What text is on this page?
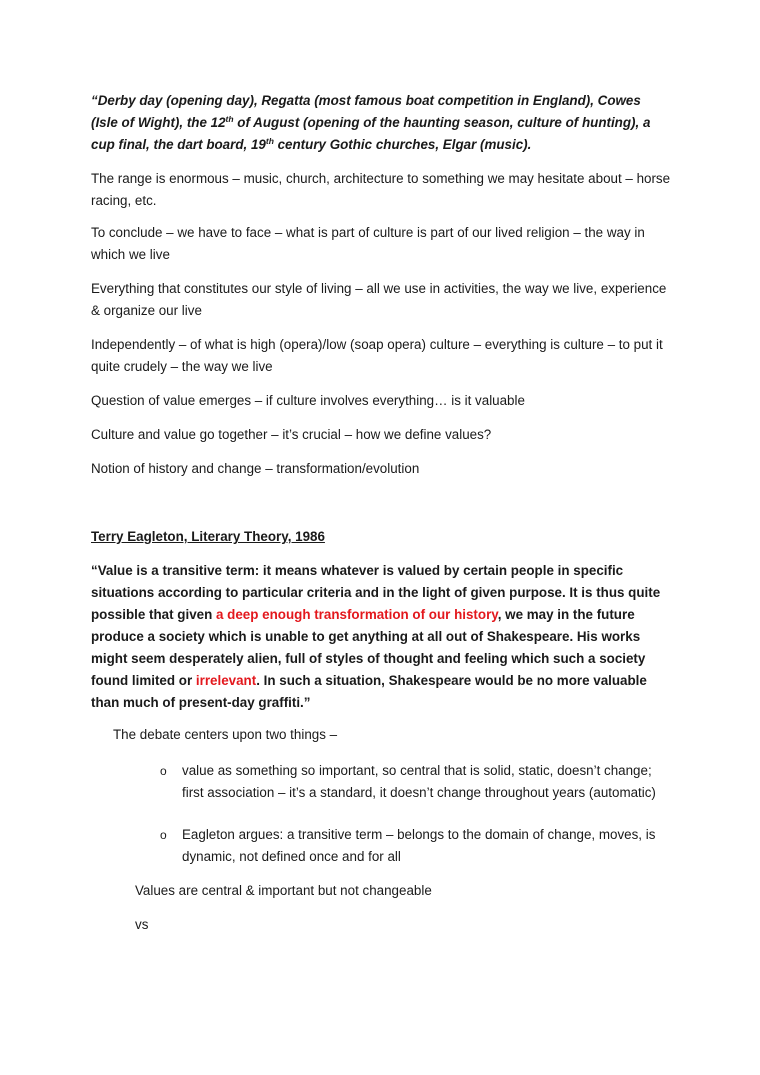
“Derby day (opening day), Regatta (most famous boat competition in England), Cowes (Isle of Wight), the 12th of August (opening of the haunting season, culture of hunting), a cup final, the dart board, 19th century Gothic churches, Elgar (music).

The range is enormous – music, church, architecture to something we may hesitate about – horse racing, etc.

To conclude – we have to face – what is part of culture is part of our lived religion – the way in which we live

Everything that constitutes our style of living – all we use in activities, the way we live, experience & organize our live

Independently – of what is high (opera)/low (soap opera) culture – everything is culture – to put it quite crudely – the way we live

Question of value emerges – if culture involves everything… is it valuable

Culture and value go together – it’s crucial – how we define values?

Notion of history and change – transformation/evolution

Terry Eagleton, Literary Theory, 1986

“Value is a transitive term: it means whatever is valued by certain people in specific situations according to particular criteria and in the light of given purpose. It is thus quite possible that given a deep enough transformation of our history, we may in the future produce a society which is unable to get anything at all out of Shakespeare. His works might seem desperately alien, full of styles of thought and feeling which such a society found limited or irrelevant. In such a situation, Shakespeare would be no more valuable than much of present-day graffiti.”

The debate centers upon two things –

o value as something so important, so central that is solid, static, doesn’t change; first association – it’s a standard, it doesn’t change throughout years (automatic)

o Eagleton argues: a transitive term – belongs to the domain of change, moves, is dynamic, not defined once and for all

Values are central & important but not changeable

vs
